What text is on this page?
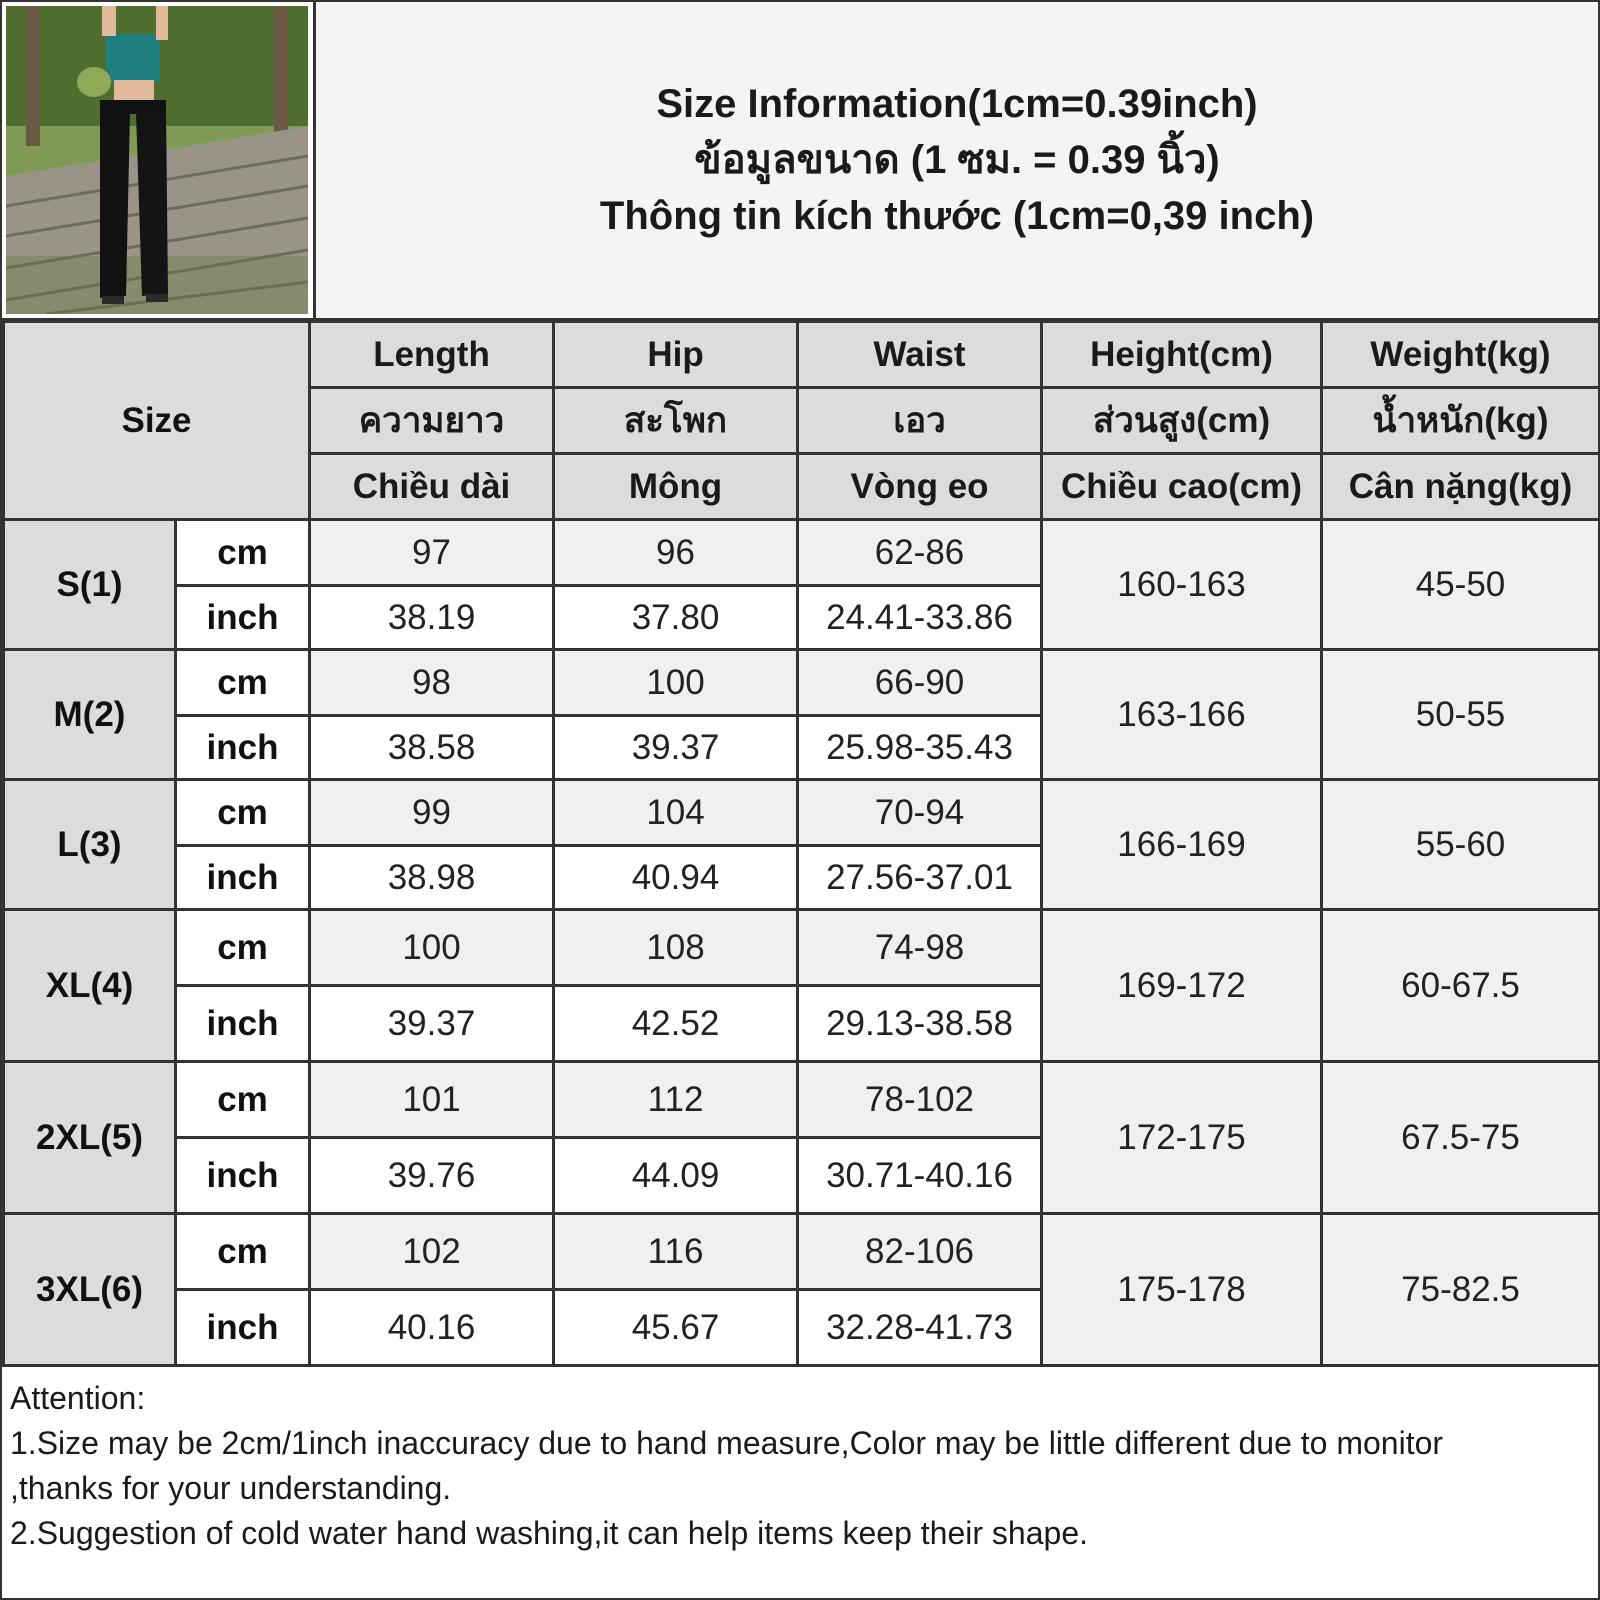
Size Information(1cm=0.39inch)
ข้อมูลขนาด (1 ซม. = 0.39 นิ้ว)
Thông tin kích thước (1cm=0,39 inch)
Size		Length	Hip	Waist	Height(cm)	Weight(kg)
		ความยาว	สะโพก	เอว	ส่วนสูง(cm)	น้ำหนัก(kg)
		Chiều dài	Mông	Vòng eo	Chiều cao(cm)	Cân nặng(kg)
S(1)	cm	97	96	62-86	160-163	45-50
	inch	38.19	37.80	24.41-33.86		
M(2)	cm	98	100	66-90	163-166	50-55
	inch	38.58	39.37	25.98-35.43		
L(3)	cm	99	104	70-94	166-169	55-60
	inch	38.98	40.94	27.56-37.01		
XL(4)	cm	100	108	74-98	169-172	60-67.5
	inch	39.37	42.52	29.13-38.58		
2XL(5)	cm	101	112	78-102	172-175	67.5-75
	inch	39.76	44.09	30.71-40.16		
3XL(6)	cm	102	116	82-106	175-178	75-82.5
	inch	40.16	45.67	32.28-41.73		
Attention:
1.Size may be 2cm/1inch inaccuracy due to hand measure,Color may be little different due to monitor
,thanks for your understanding.
2.Suggestion of cold water hand washing,it can help items keep their shape.
